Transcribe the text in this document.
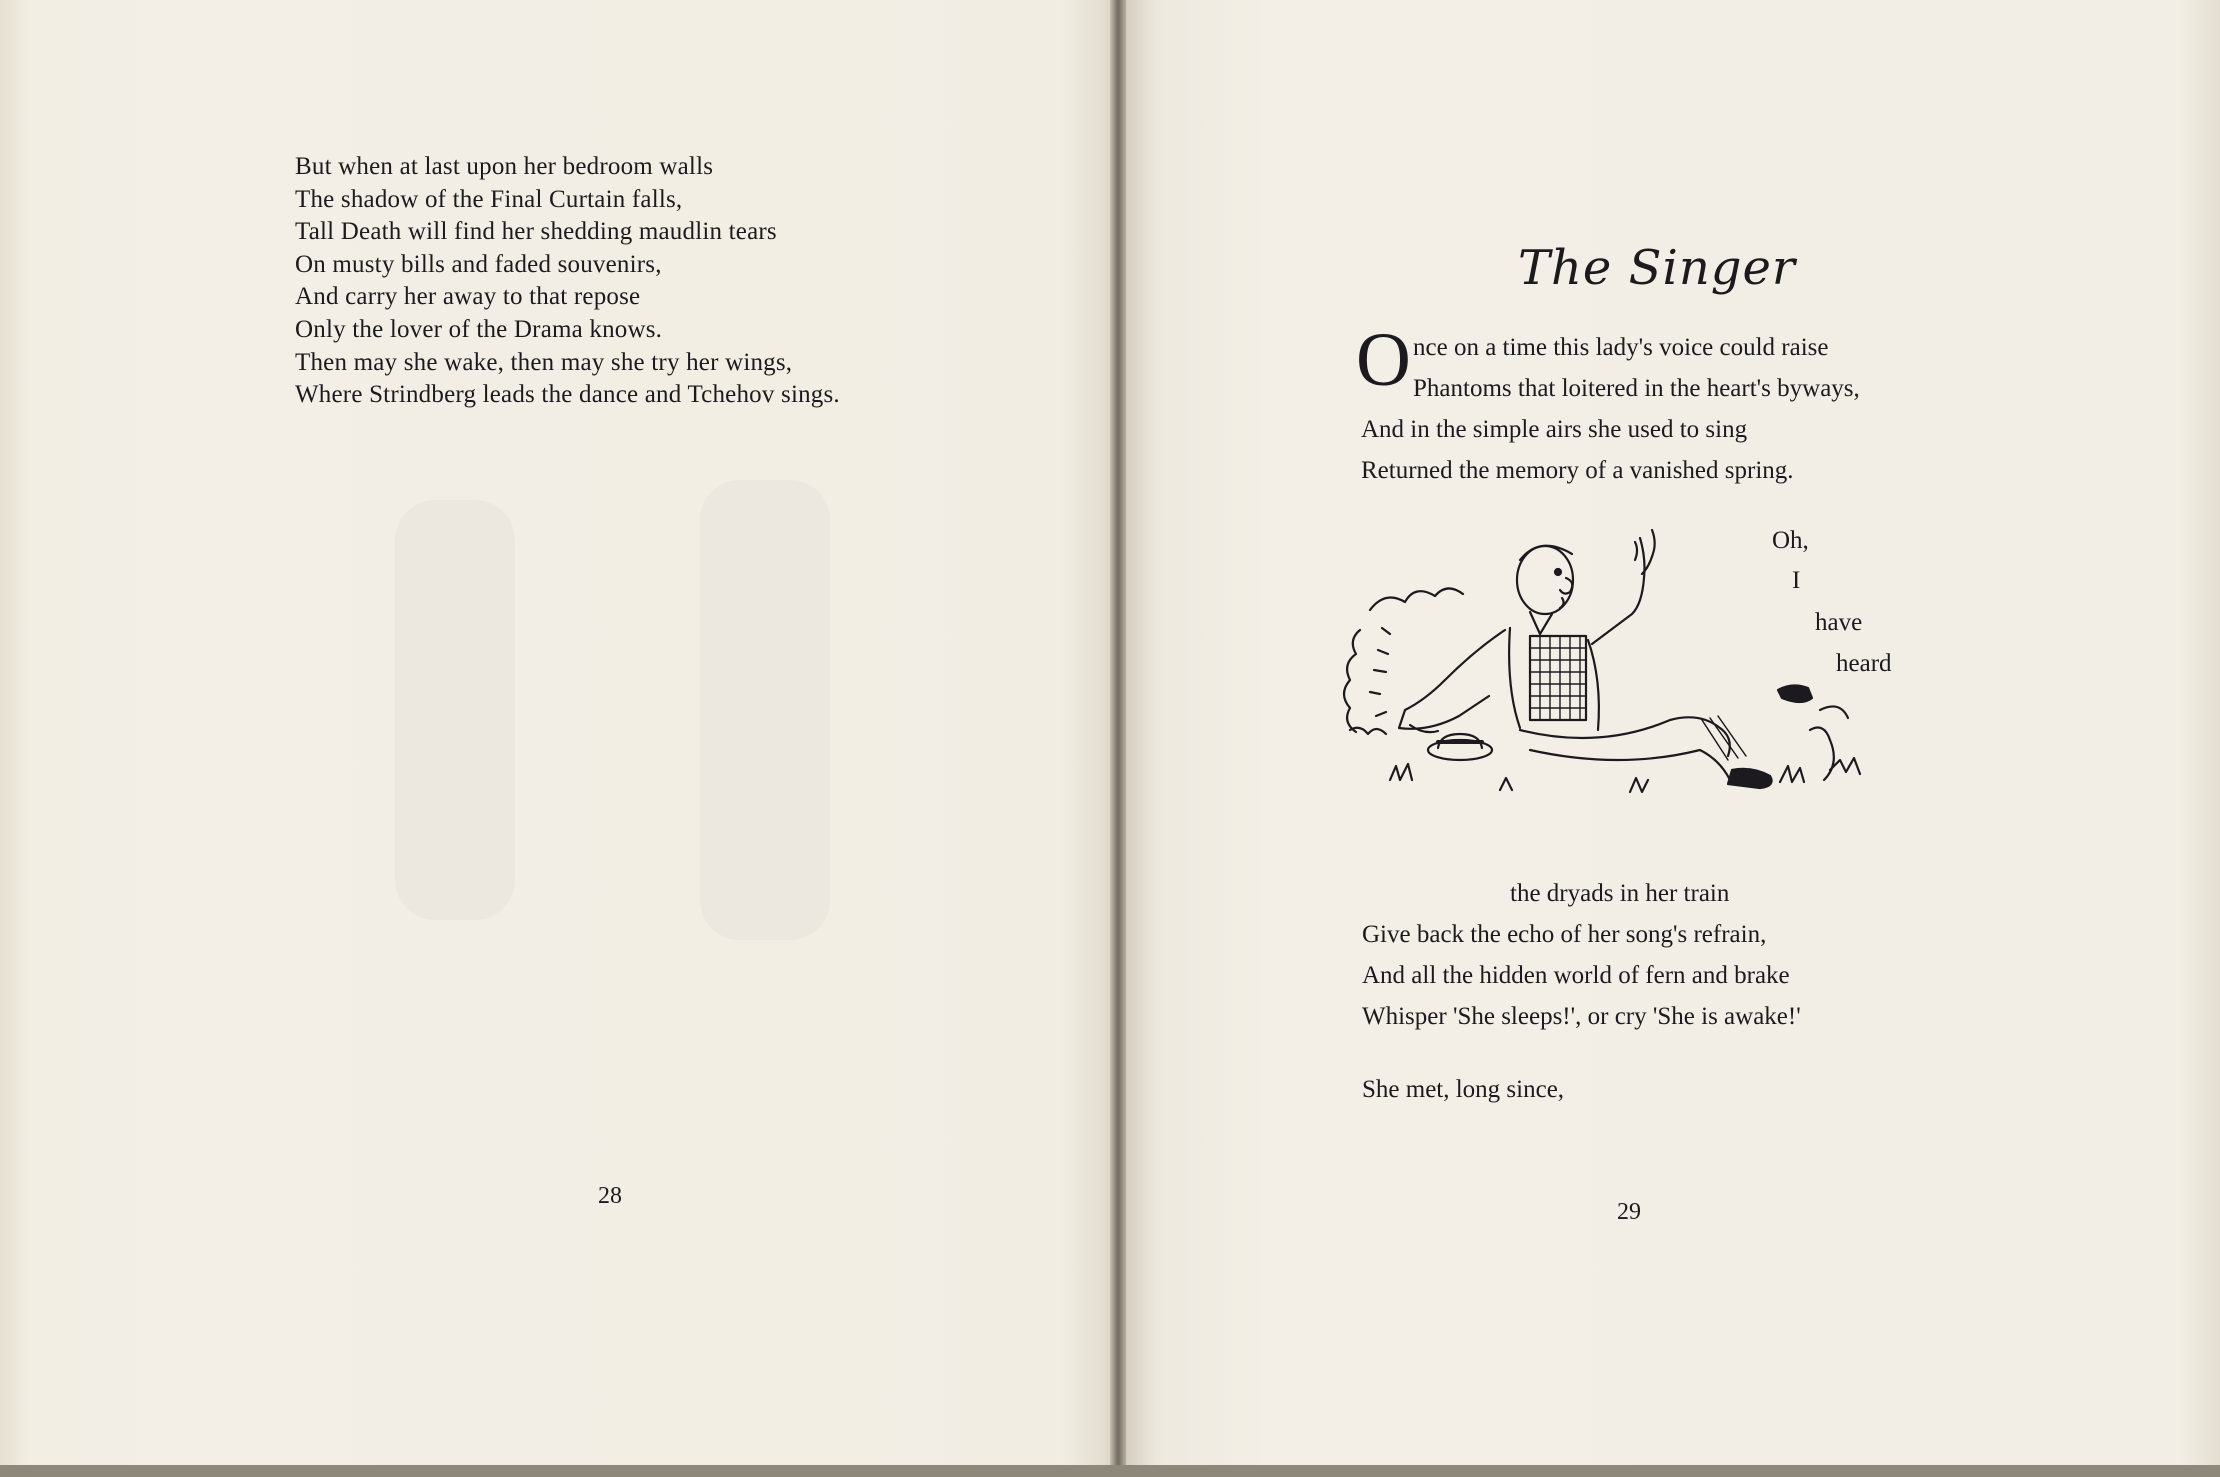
But when at last upon her bedroom walls
The shadow of the Final Curtain falls,
Tall Death will find her shedding maudlin tears
On musty bills and faded souvenirs,
And carry her away to that repose
Only the lover of the Drama knows.
Then may she wake, then may she try her wings,
Where Strindberg leads the dance and Tchehov sings.
28
The Singer
O nce on a time this lady's voice could raise
Phantoms that loitered in the heart's byways,
And in the simple airs she used to sing
Returned the memory of a vanished spring.
Oh,
I
have
heard
the dryads in her train
Give back the echo of her song's refrain,
And all the hidden world of fern and brake
Whisper 'She sleeps!', or cry 'She is awake!'
She met, long since,
29
